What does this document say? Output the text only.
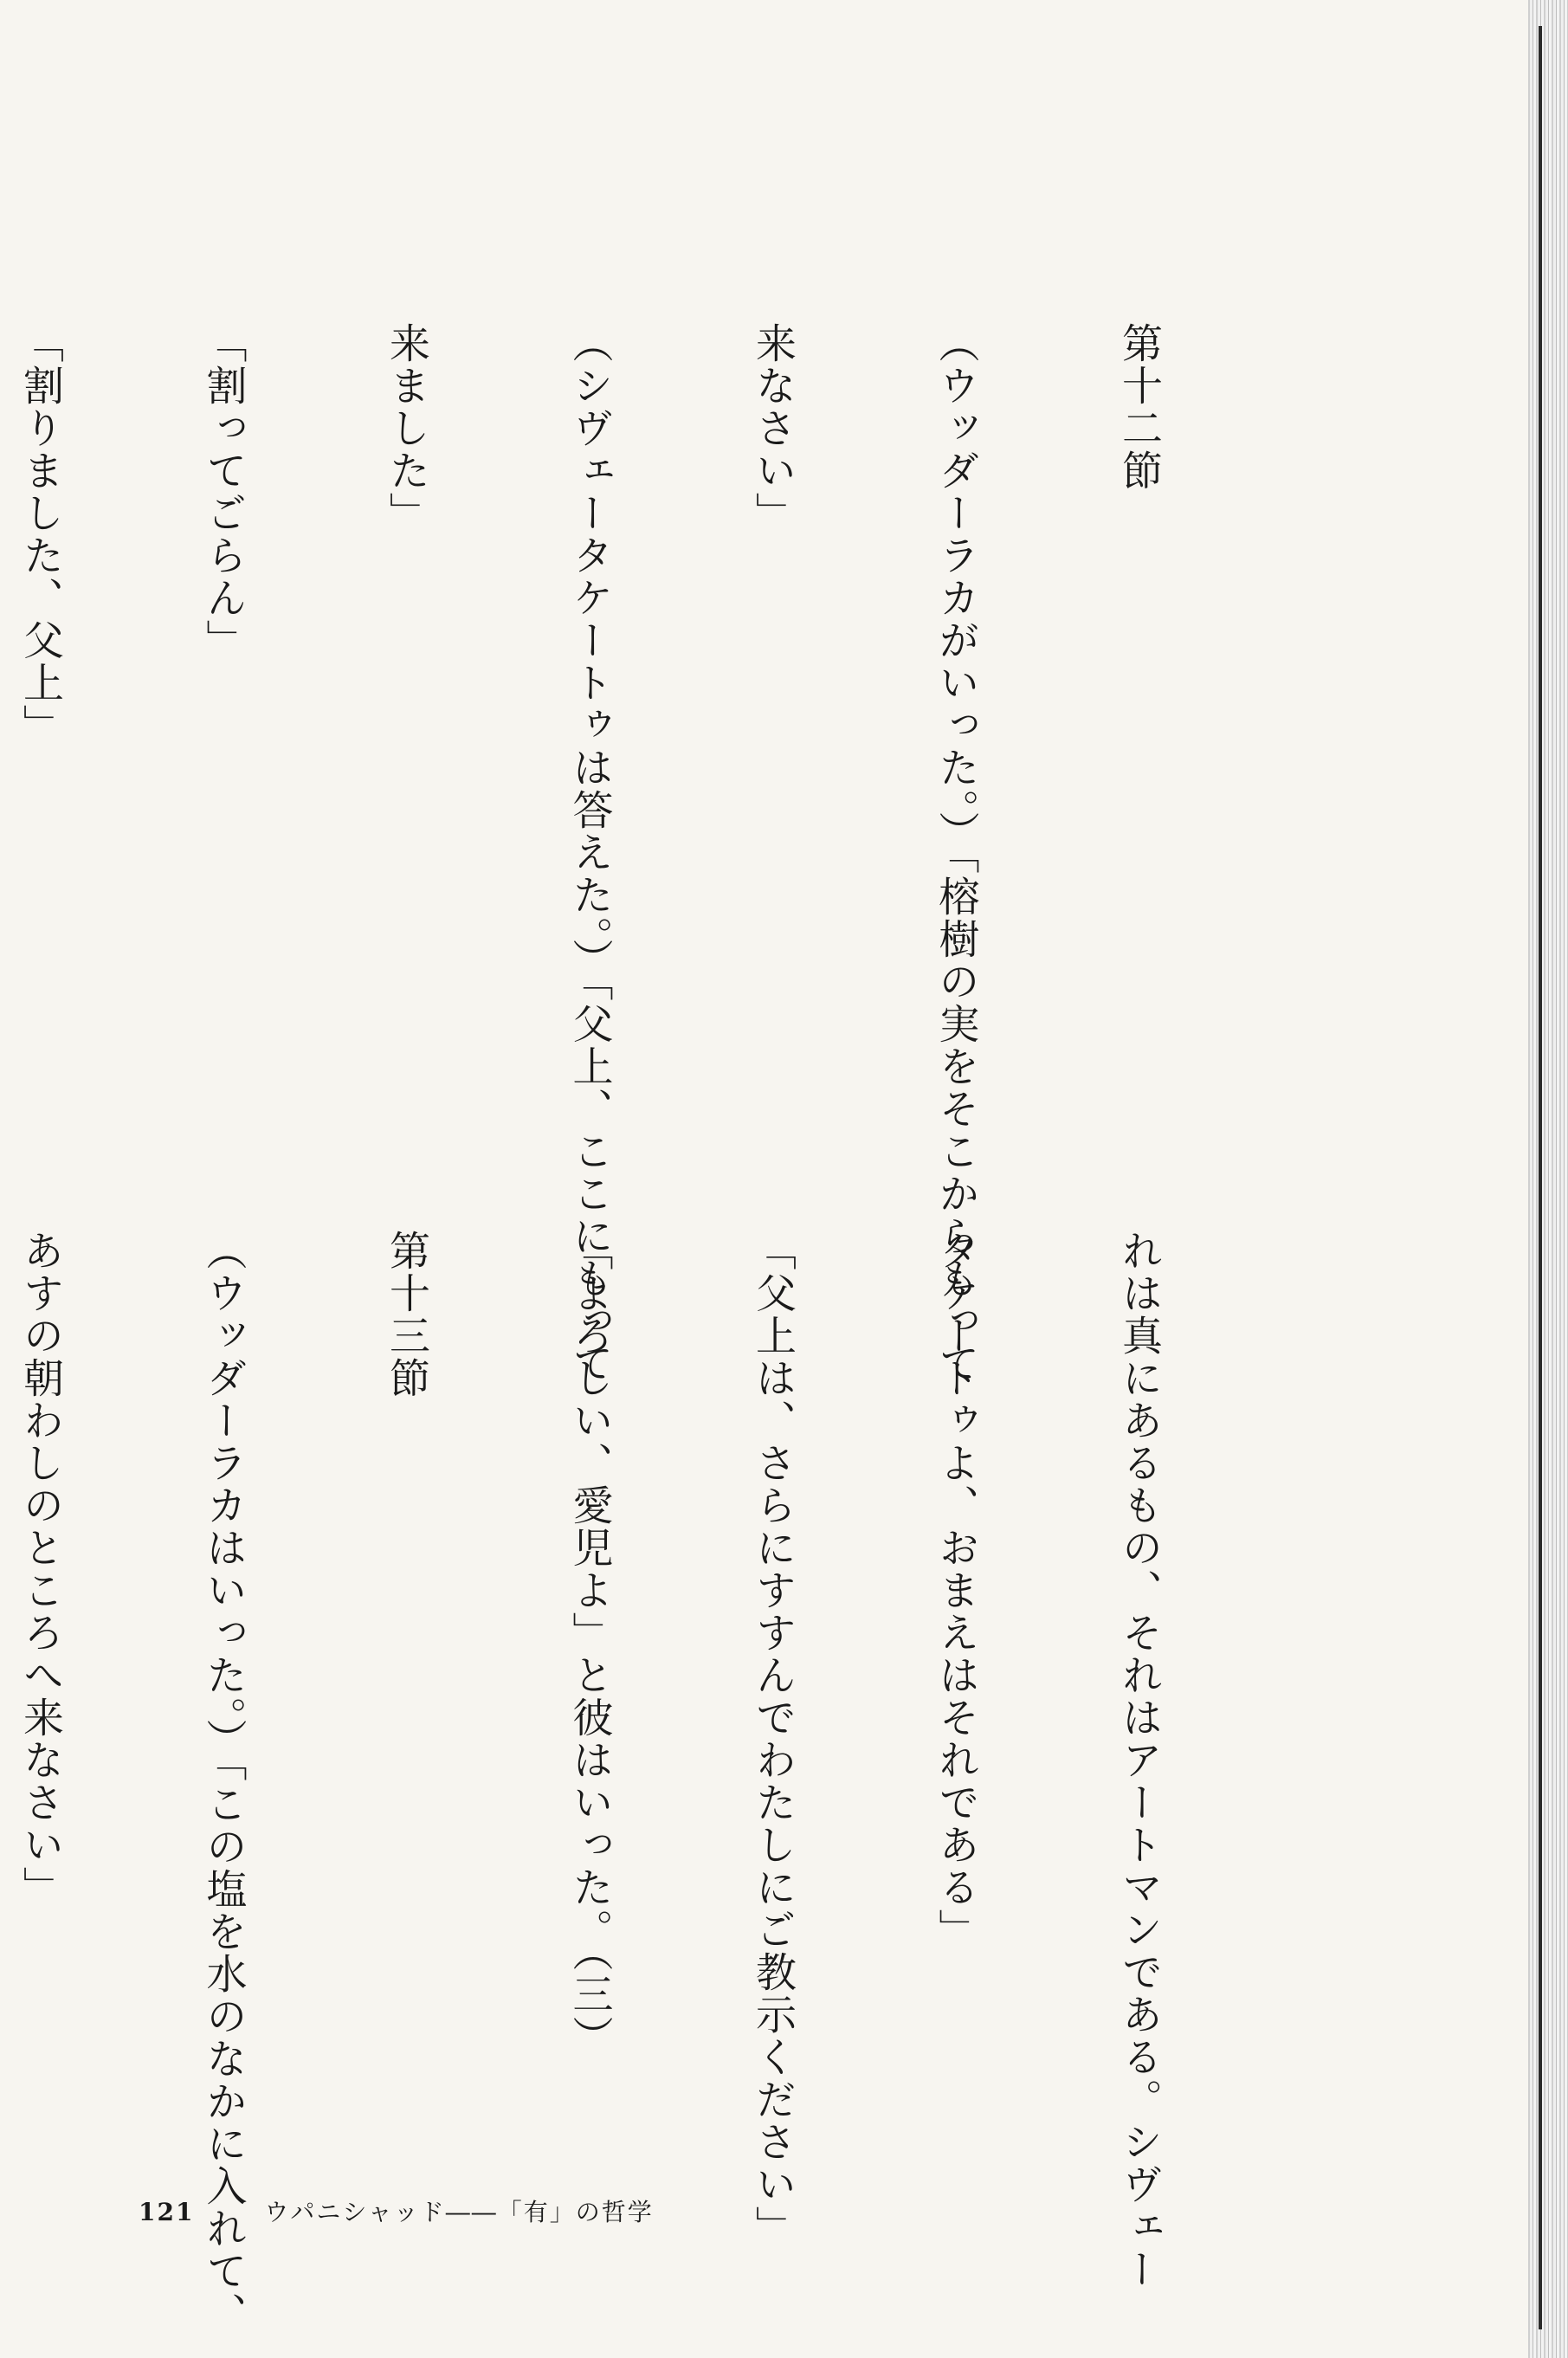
第十二節

（ウッダーラカがいった。）「榕樹の実をそこからもって

来なさい」

（シヴェータケートゥは答えた。）「父上、ここにもって

来ました」

「割ってごらん」

「割りました、父上」

れは真にあるもの、それはアートマンである。シヴェー

タケートゥよ、おまえはそれである」

「父上は、さらにすすんでわたしにご教示ください」

「よろしい、愛児よ」と彼はいった。（三）

第十三節

（ウッダーラカはいった。）「この塩を水のなかに入れて、

あすの朝わしのところへ来なさい」

121	ウパニシャッド――「有」の哲学
